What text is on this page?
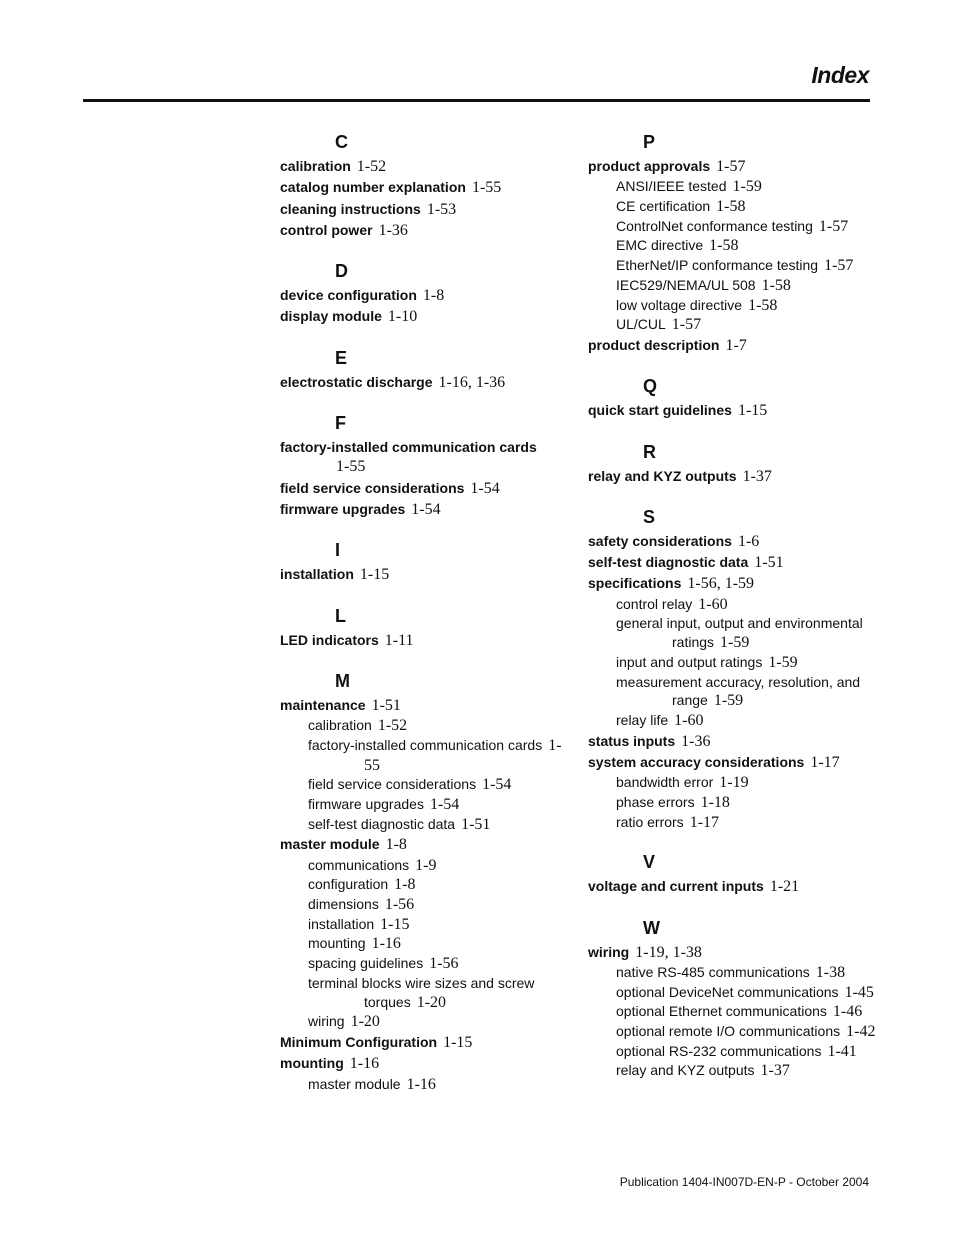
Index
C
calibration 1-52
catalog number explanation 1-55
cleaning instructions 1-53
control power 1-36
D
device configuration 1-8
display module 1-10
E
electrostatic discharge 1-16, 1-36
F
factory-installed communication cards
1-55
field service considerations 1-54
firmware upgrades 1-54
I
installation 1-15
L
LED indicators 1-11
M
maintenance 1-51
calibration 1-52
factory-installed communication cards 1-55
field service considerations 1-54
firmware upgrades 1-54
self-test diagnostic data 1-51
master module 1-8
communications 1-9
configuration 1-8
dimensions 1-56
installation 1-15
mounting 1-16
spacing guidelines 1-56
terminal blocks wire sizes and screw torques 1-20
wiring 1-20
Minimum Configuration 1-15
mounting 1-16
master module 1-16
P
product approvals 1-57
ANSI/IEEE tested 1-59
CE certification 1-58
ControlNet conformance testing 1-57
EMC directive 1-58
EtherNet/IP conformance testing 1-57
IEC529/NEMA/UL 508 1-58
low voltage directive 1-58
UL/CUL 1-57
product description 1-7
Q
quick start guidelines 1-15
R
relay and KYZ outputs 1-37
S
safety considerations 1-6
self-test diagnostic data 1-51
specifications 1-56, 1-59
control relay 1-60
general input, output and environmental ratings 1-59
input and output ratings 1-59
measurement accuracy, resolution, and range 1-59
relay life 1-60
status inputs 1-36
system accuracy considerations 1-17
bandwidth error 1-19
phase errors 1-18
ratio errors 1-17
V
voltage and current inputs 1-21
W
wiring 1-19, 1-38
native RS-485 communications 1-38
optional DeviceNet communications 1-45
optional Ethernet communications 1-46
optional remote I/O communications 1-42
optional RS-232 communications 1-41
relay and KYZ outputs 1-37
Publication 1404-IN007D-EN-P - October 2004
